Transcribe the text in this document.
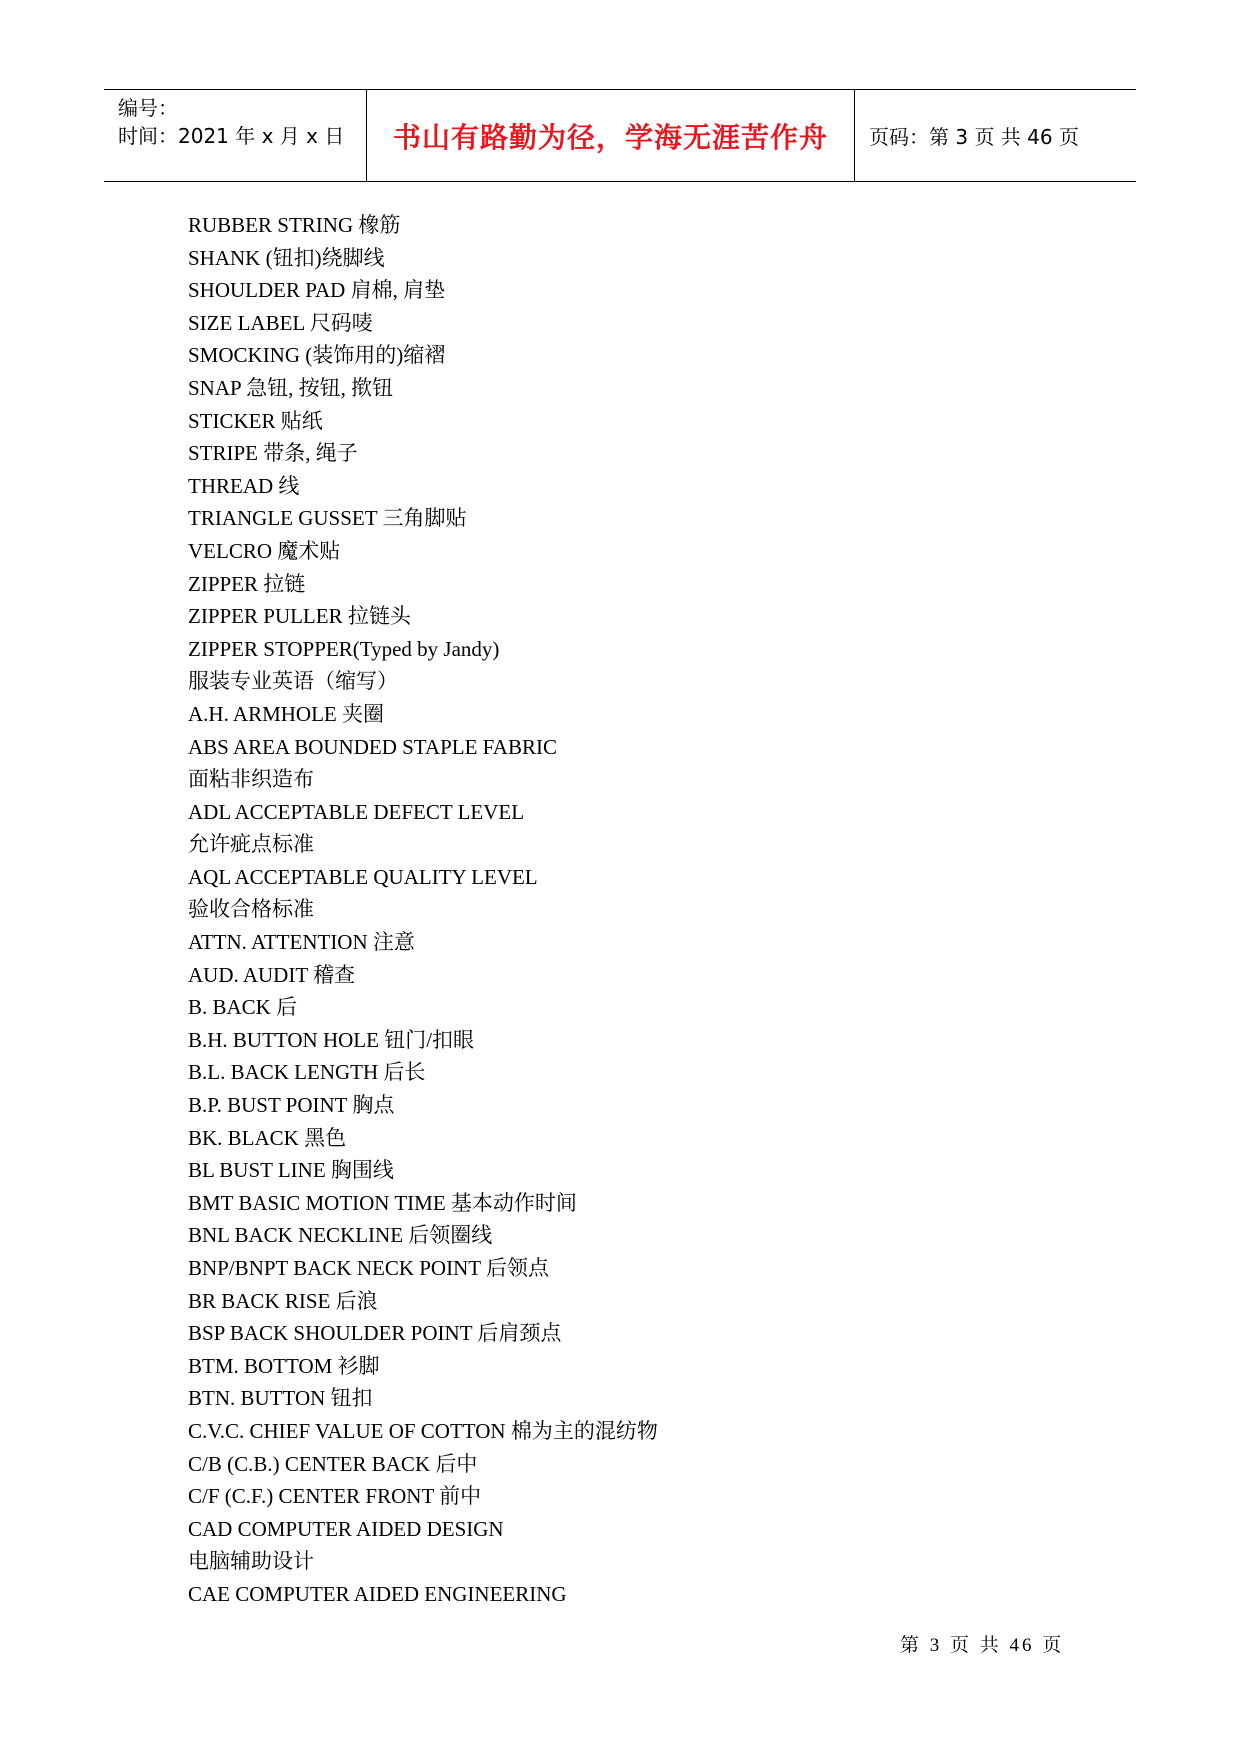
编号：
时间：2021 年 x 月 x 日	书山有路勤为径，学海无涯苦作舟 页码：第 3 页 共 46 页
RUBBER STRING 橡筋
SHANK (钮扣)绕脚线
SHOULDER PAD 肩棉, 肩垫
SIZE LABEL 尺码唛
SMOCKING (装饰用的)缩褶
SNAP 急钮, 按钮, 揿钮
STICKER 贴纸
STRIPE 带条, 绳子
THREAD 线
TRIANGLE GUSSET 三角脚贴
VELCRO 魔术贴
ZIPPER 拉链
ZIPPER PULLER 拉链头
ZIPPER STOPPER(Typed by Jandy)
服装专业英语（缩写）
A.H. ARMHOLE 夹圈
ABS AREA BOUNDED STAPLE FABRIC
面粘非织造布
ADL ACCEPTABLE DEFECT LEVEL
允许疵点标准
AQL ACCEPTABLE QUALITY LEVEL
验收合格标准
ATTN. ATTENTION 注意
AUD. AUDIT 稽查
B. BACK 后
B.H. BUTTON HOLE 钮门/扣眼
B.L. BACK LENGTH 后长
B.P. BUST POINT 胸点
BK. BLACK 黑色
BL BUST LINE 胸围线
BMT BASIC MOTION TIME 基本动作时间
BNL BACK NECKLINE 后领圈线
BNP/BNPT BACK NECK POINT 后领点
BR BACK RISE 后浪
BSP BACK SHOULDER POINT 后肩颈点
BTM. BOTTOM 衫脚
BTN. BUTTON 钮扣
C.V.C. CHIEF VALUE OF COTTON 棉为主的混纺物
C/B (C.B.) CENTER BACK 后中
C/F (C.F.) CENTER FRONT 前中
CAD COMPUTER AIDED DESIGN
电脑辅助设计
CAE COMPUTER AIDED ENGINEERING
第 3 页 共 46 页
